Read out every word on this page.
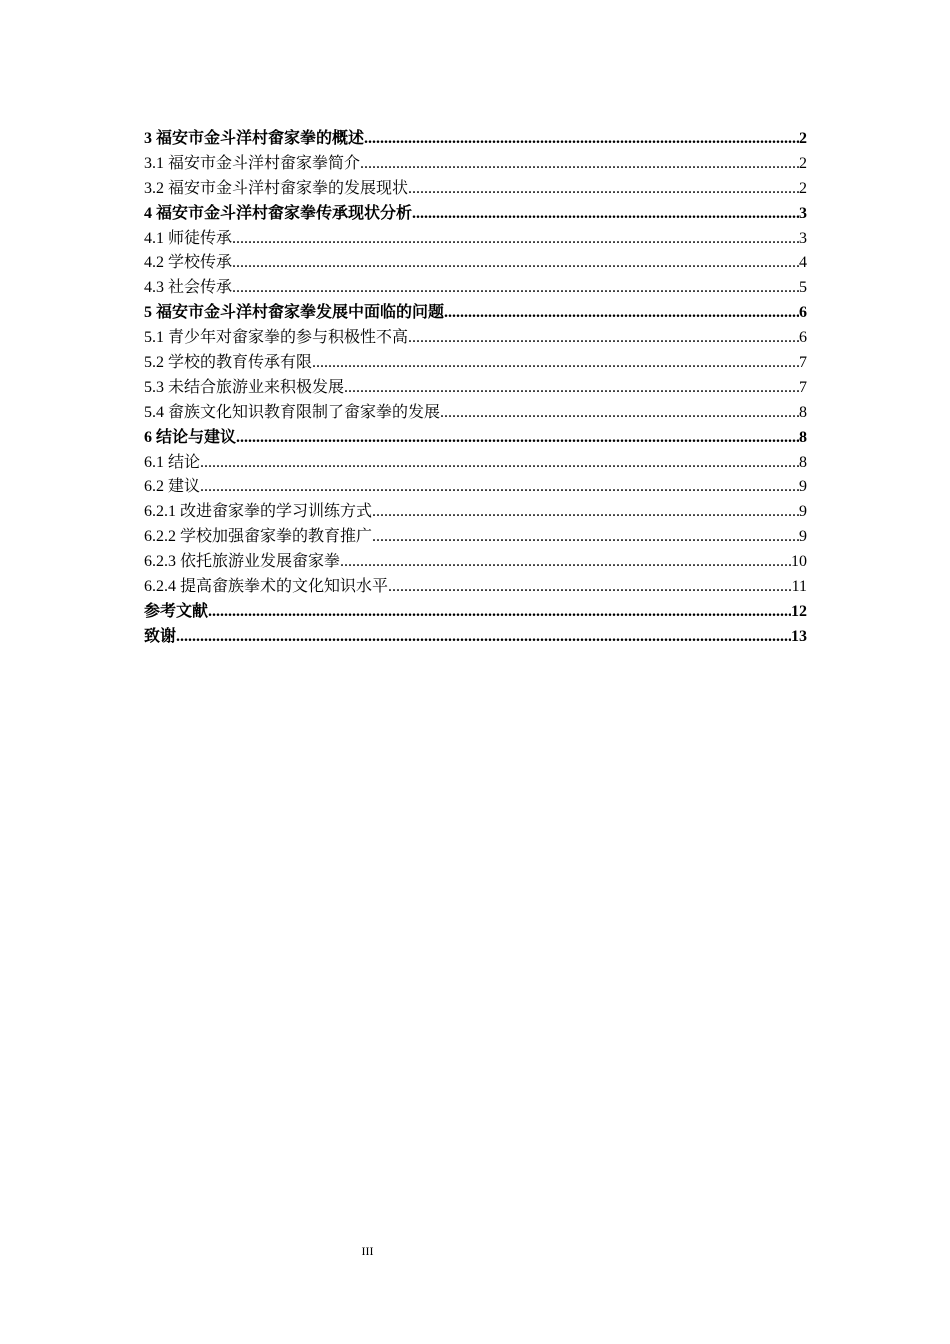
3 福安市金斗洋村畲家拳的概述 .....	2
3.1 福安市金斗洋村畲家拳简介 .....	2
3.2 福安市金斗洋村畲家拳的发展现状 .....	2
4 福安市金斗洋村畲家拳传承现状分析 .....	3
4.1 师徒传承 .....	3
4.2 学校传承 .....	4
4.3 社会传承 .....	5
5 福安市金斗洋村畲家拳发展中面临的问题 .....	6
5.1 青少年对畲家拳的参与积极性不高 .....	6
5.2 学校的教育传承有限 .....	7
5.3 未结合旅游业来积极发展 .....	7
5.4 畲族文化知识教育限制了畲家拳的发展 .....	8
6 结论与建议 .....	8
6.1 结论 .....	8
6.2 建议 .....	9
6.2.1 改进畲家拳的学习训练方式 .....	9
6.2.2 学校加强畲家拳的教育推广 .....	9
6.2.3 依托旅游业发展畲家拳 .....	10
6.2.4 提高畲族拳术的文化知识水平 .....	11
参考文献 .....	12
致谢 .....	13
III
